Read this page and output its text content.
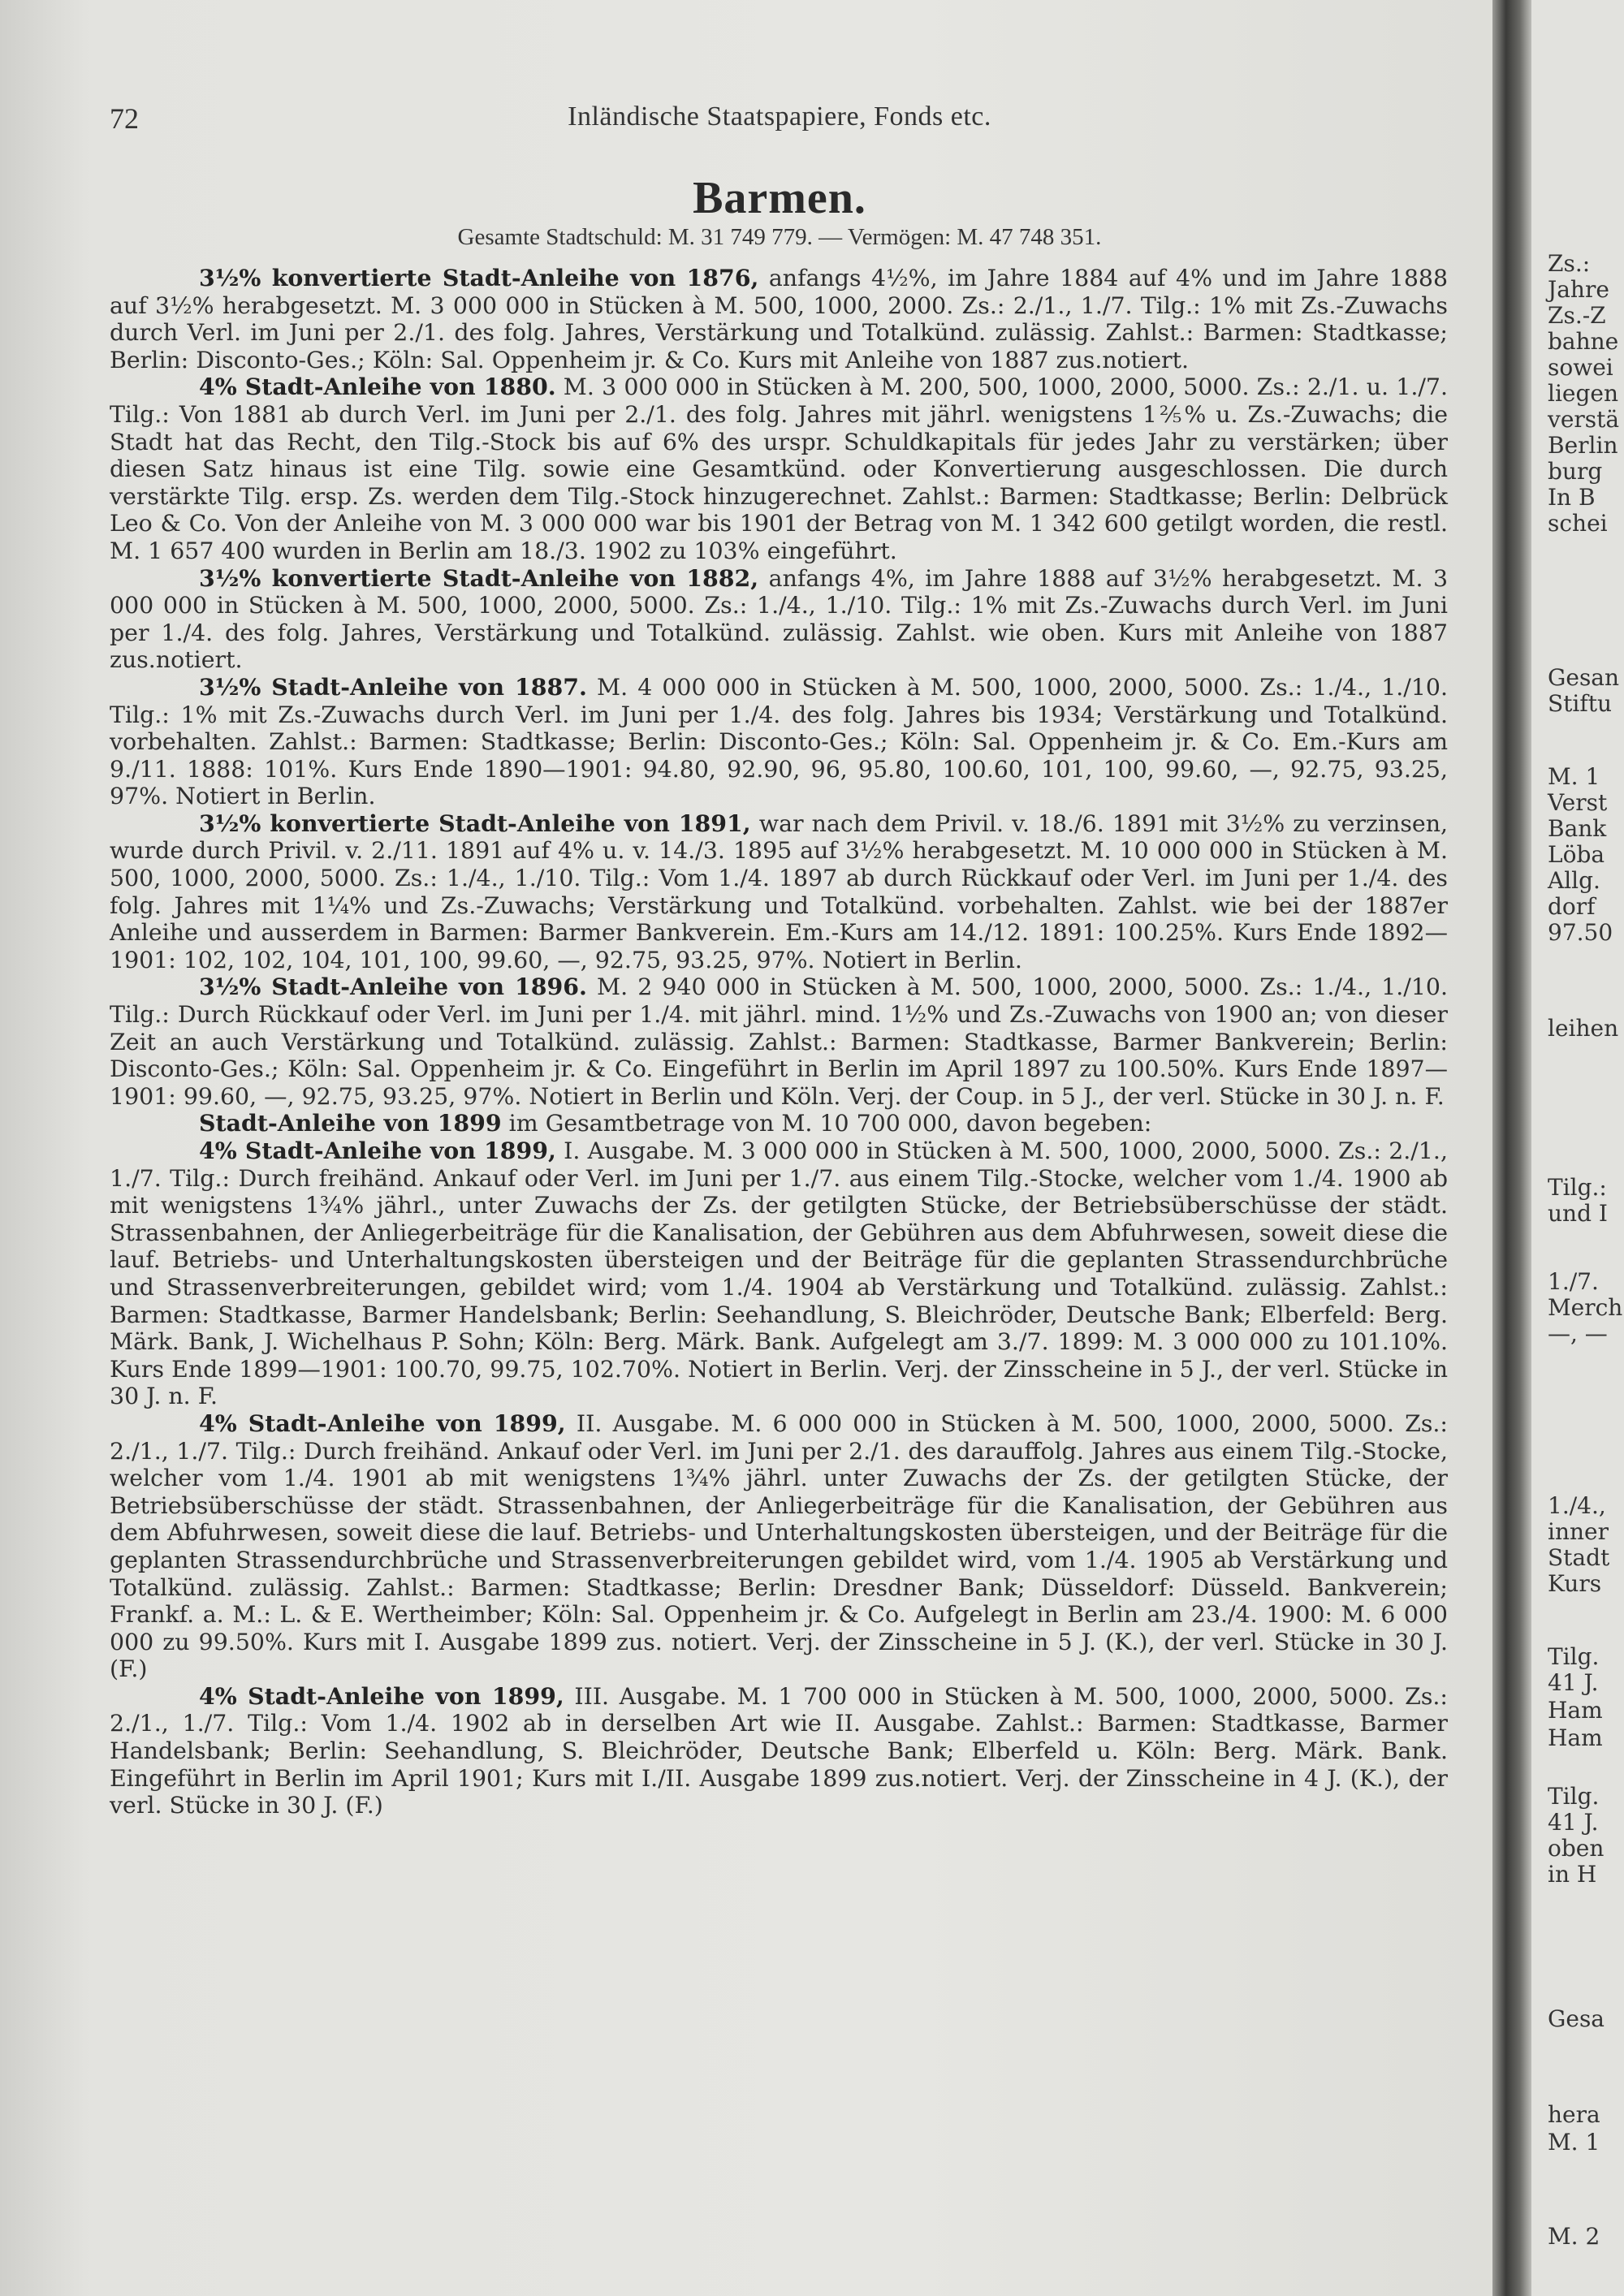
72	Inländische Staatspapiere, Fonds etc.
Barmen.
Gesamte Stadtschuld: M. 31 749 779. — Vermögen: M. 47 748 351.

3½% konvertierte Stadt-Anleihe von 1876, anfangs 4½%, im Jahre 1884 auf 4% und im Jahre 1888 auf 3½% herabgesetzt. M. 3 000 000 in Stücken à M. 500, 1000, 2000. Zs.: 2./1., 1./7. Tilg.: 1% mit Zs.-Zuwachs durch Verl. im Juni per 2./1. des folg. Jahres, Verstärkung und Totalkünd. zulässig. Zahlst.: Barmen: Stadtkasse; Berlin: Disconto-Ges.; Köln: Sal. Oppenheim jr. & Co. Kurs mit Anleihe von 1887 zus.notiert.

4% Stadt-Anleihe von 1880. M. 3 000 000 in Stücken à M. 200, 500, 1000, 2000, 5000. Zs.: 2./1. u. 1./7. Tilg.: Von 1881 ab durch Verl. im Juni per 2./1. des folg. Jahres mit jährl. wenigstens 1⅖% u. Zs.-Zuwachs; die Stadt hat das Recht, den Tilg.-Stock bis auf 6% des urspr. Schuldkapitals für jedes Jahr zu verstärken; über diesen Satz hinaus ist eine Tilg. sowie eine Gesamtkünd. oder Konvertierung ausgeschlossen. Die durch verstärkte Tilg. ersp. Zs. werden dem Tilg.-Stock hinzugerechnet. Zahlst.: Barmen: Stadtkasse; Berlin: Delbrück Leo & Co. Von der Anleihe von M. 3 000 000 war bis 1901 der Betrag von M. 1 342 600 getilgt worden, die restl. M. 1 657 400 wurden in Berlin am 18./3. 1902 zu 103% eingeführt.

3½% konvertierte Stadt-Anleihe von 1882, anfangs 4%, im Jahre 1888 auf 3½% herabgesetzt. M. 3 000 000 in Stücken à M. 500, 1000, 2000, 5000. Zs.: 1./4., 1./10. Tilg.: 1% mit Zs.-Zuwachs durch Verl. im Juni per 1./4. des folg. Jahres, Verstärkung und Totalkünd. zulässig. Zahlst. wie oben. Kurs mit Anleihe von 1887 zus.notiert.

3½% Stadt-Anleihe von 1887. M. 4 000 000 in Stücken à M. 500, 1000, 2000, 5000. Zs.: 1./4., 1./10. Tilg.: 1% mit Zs.-Zuwachs durch Verl. im Juni per 1./4. des folg. Jahres bis 1934; Verstärkung und Totalkünd. vorbehalten. Zahlst.: Barmen: Stadtkasse; Berlin: Disconto-Ges.; Köln: Sal. Oppenheim jr. & Co. Em.-Kurs am 9./11. 1888: 101%. Kurs Ende 1890—1901: 94.80, 92.90, 96, 95.80, 100.60, 101, 100, 99.60, —, 92.75, 93.25, 97%. Notiert in Berlin.

3½% konvertierte Stadt-Anleihe von 1891, war nach dem Privil. v. 18./6. 1891 mit 3½% zu verzinsen, wurde durch Privil. v. 2./11. 1891 auf 4% u. v. 14./3. 1895 auf 3½% herabgesetzt. M. 10 000 000 in Stücken à M. 500, 1000, 2000, 5000. Zs.: 1./4., 1./10. Tilg.: Vom 1./4. 1897 ab durch Rückkauf oder Verl. im Juni per 1./4. des folg. Jahres mit 1¼% und Zs.-Zuwachs; Verstärkung und Totalkünd. vorbehalten. Zahlst. wie bei der 1887er Anleihe und ausserdem in Barmen: Barmer Bankverein. Em.-Kurs am 14./12. 1891: 100.25%. Kurs Ende 1892—1901: 102, 102, 104, 101, 100, 99.60, —, 92.75, 93.25, 97%. Notiert in Berlin.

3½% Stadt-Anleihe von 1896. M. 2 940 000 in Stücken à M. 500, 1000, 2000, 5000. Zs.: 1./4., 1./10. Tilg.: Durch Rückkauf oder Verl. im Juni per 1./4. mit jährl. mind. 1½% und Zs.-Zuwachs von 1900 an; von dieser Zeit an auch Verstärkung und Totalkünd. zulässig. Zahlst.: Barmen: Stadtkasse, Barmer Bankverein; Berlin: Disconto-Ges.; Köln: Sal. Oppenheim jr. & Co. Eingeführt in Berlin im April 1897 zu 100.50%. Kurs Ende 1897—1901: 99.60, —, 92.75, 93.25, 97%. Notiert in Berlin und Köln. Verj. der Coup. in 5 J., der verl. Stücke in 30 J. n. F.

Stadt-Anleihe von 1899 im Gesamtbetrage von M. 10 700 000, davon begeben:

4% Stadt-Anleihe von 1899, I. Ausgabe. M. 3 000 000 in Stücken à M. 500, 1000, 2000, 5000. Zs.: 2./1., 1./7. Tilg.: Durch freihänd. Ankauf oder Verl. im Juni per 1./7. aus einem Tilg.-Stocke, welcher vom 1./4. 1900 ab mit wenigstens 1¾% jährl., unter Zuwachs der Zs. der getilgten Stücke, der Betriebsüberschüsse der städt. Strassenbahnen, der Anliegerbeiträge für die Kanalisation, der Gebühren aus dem Abfuhrwesen, soweit diese die lauf. Betriebs- und Unterhaltungskosten übersteigen und der Beiträge für die geplanten Strassendurchbrüche und Strassenverbreiterungen, gebildet wird; vom 1./4. 1904 ab Verstärkung und Totalkünd. zulässig. Zahlst.: Barmen: Stadtkasse, Barmer Handelsbank; Berlin: Seehandlung, S. Bleichröder, Deutsche Bank; Elberfeld: Berg. Märk. Bank, J. Wichelhaus P. Sohn; Köln: Berg. Märk. Bank. Aufgelegt am 3./7. 1899: M. 3 000 000 zu 101.10%. Kurs Ende 1899—1901: 100.70, 99.75, 102.70%. Notiert in Berlin. Verj. der Zinsscheine in 5 J., der verl. Stücke in 30 J. n. F.

4% Stadt-Anleihe von 1899, II. Ausgabe. M. 6 000 000 in Stücken à M. 500, 1000, 2000, 5000. Zs.: 2./1., 1./7. Tilg.: Durch freihänd. Ankauf oder Verl. im Juni per 2./1. des darauffolg. Jahres aus einem Tilg.-Stocke, welcher vom 1./4. 1901 ab mit wenigstens 1¾% jährl. unter Zuwachs der Zs. der getilgten Stücke, der Betriebsüberschüsse der städt. Strassenbahnen, der Anliegerbeiträge für die Kanalisation, der Gebühren aus dem Abfuhrwesen, soweit diese die lauf. Betriebs- und Unterhaltungskosten übersteigen, und der Beiträge für die geplanten Strassendurchbrüche und Strassenverbreiterungen gebildet wird, vom 1./4. 1905 ab Verstärkung und Totalkünd. zulässig. Zahlst.: Barmen: Stadtkasse; Berlin: Dresdner Bank; Düsseldorf: Düsseld. Bankverein; Frankf. a. M.: L. & E. Wertheimber; Köln: Sal. Oppenheim jr. & Co. Aufgelegt in Berlin am 23./4. 1900: M. 6 000 000 zu 99.50%. Kurs mit I. Ausgabe 1899 zus. notiert. Verj. der Zinsscheine in 5 J. (K.), der verl. Stücke in 30 J. (F.)

4% Stadt-Anleihe von 1899, III. Ausgabe. M. 1 700 000 in Stücken à M. 500, 1000, 2000, 5000. Zs.: 2./1., 1./7. Tilg.: Vom 1./4. 1902 ab in derselben Art wie II. Ausgabe. Zahlst.: Barmen: Stadtkasse, Barmer Handelsbank; Berlin: Seehandlung, S. Bleichröder, Deutsche Bank; Elberfeld u. Köln: Berg. Märk. Bank. Eingeführt in Berlin im April 1901; Kurs mit I./II. Ausgabe 1899 zus.notiert. Verj. der Zinsscheine in 4 J. (K.), der verl. Stücke in 30 J. (F.)

Zs.:
Jahre
Zs.-Z
bahne
sowei
liegen
verstä
Berlin
burg
In B
schei
Gesan
Stiftu
M. 1
Verst
Bank
Löba
Allg.
dorf
97.50
leihen
Tilg.:
und I
1./7.
Merch
—, —
1./4.,
inner
Stadt
Kurs
Tilg.
41 J.
Ham
Ham
Tilg.
41 J.
oben
in H
Gesa
hera
M. 1
M. 2
